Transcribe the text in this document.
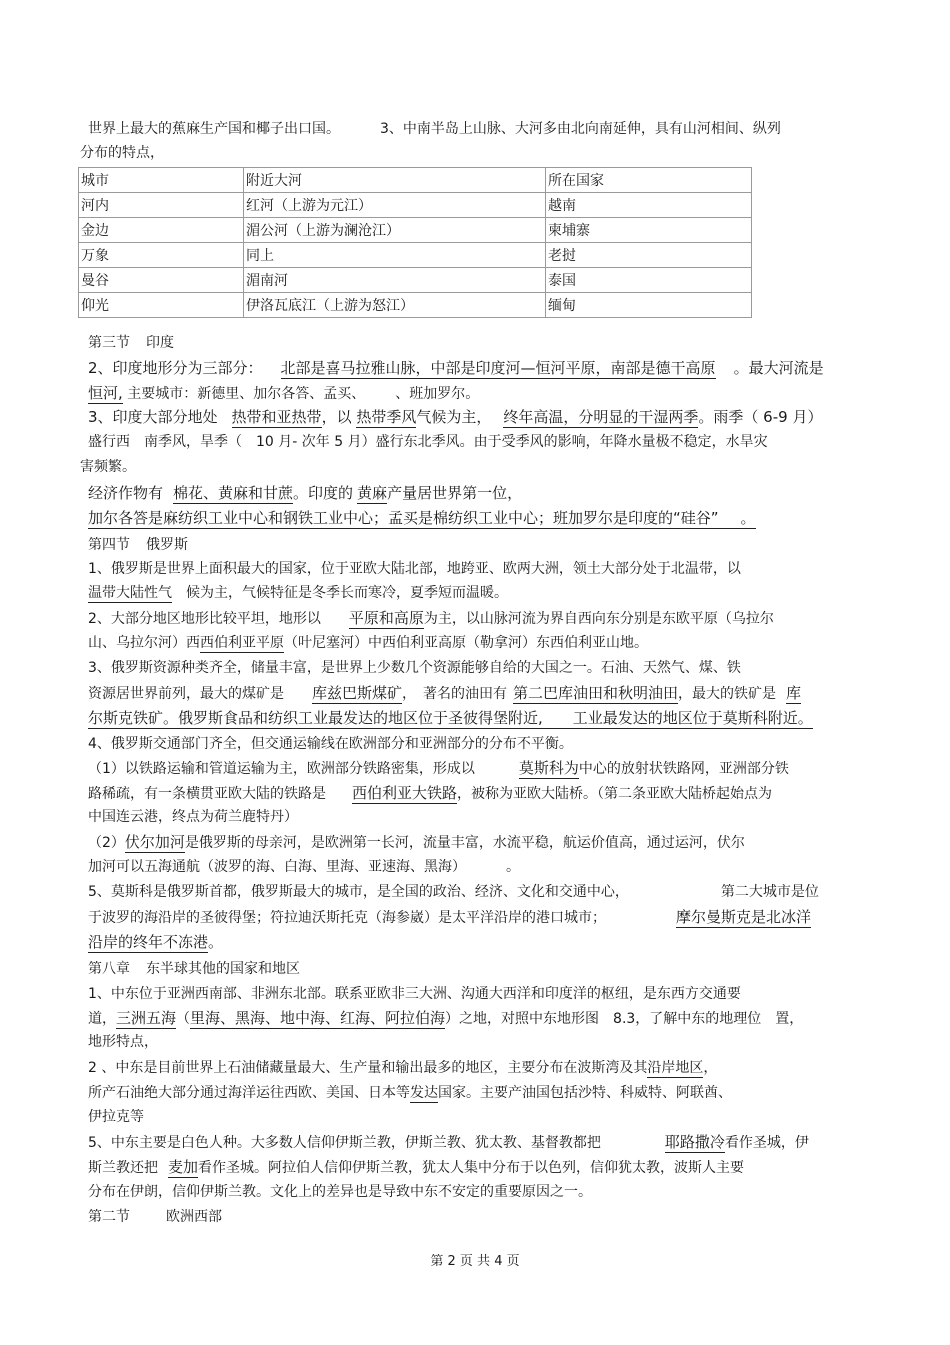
世界上最大的蕉麻生产国和椰子出口国。	3、中南半岛上山脉、大河多由北向南延伸，具有山河相间、纵列
分布的特点，
城市	附近大河	所在国家
河内	红河（上游为元江）	越南
金边	湄公河（上游为澜沧江）	柬埔寨
万象	同上	老挝
曼谷	湄南河	泰国
仰光	伊洛瓦底江（上游为怒江）	缅甸
第三节 印度
2、印度地形分为三部分： 北部是喜马拉雅山脉，中部是印度河—恒河平原，南部是德干高原 。最大河流是
恒河, 主要城市：新德里、加尔各答、孟买、 、班加罗尔。
3、印度大部分地处 热带和亚热带，以 热带季风气候为主， 终年高温，分明显的干湿两季。雨季（ 6-9 月）
盛行西　南季风，旱季（　10 月- 次年 5 月）盛行东北季风。由于受季风的影响，年降水量极不稳定，水旱灾
害频繁。
经济作物有 棉花、黄麻和甘蔗。印度的 黄麻产量居世界第一位，
加尔各答是麻纺织工业中心和钢铁工业中心；孟买是棉纺织工业中心；班加罗尔是印度的“硅谷” 。
第四节 俄罗斯
1、俄罗斯是世界上面积最大的国家，位于亚欧大陆北部，地跨亚、欧两大洲，领土大部分处于北温带，以
温带大陆性气 候为主，气候特征是冬季长而寒冷，夏季短而温暖。
2、大部分地区地形比较平坦，地形以 平原和高原为主，以山脉河流为界自西向东分别是东欧平原（乌拉尔
山、乌拉尔河）西西伯利亚平原（叶尼塞河）中西伯利亚高原（勒拿河）东西伯利亚山地。
3、俄罗斯资源种类齐全，储量丰富，是世界上少数几个资源能够自给的大国之一。石油、天然气、煤、铁
资源居世界前列，最大的煤矿是 库兹巴斯煤矿，　著名的油田有 第二巴库油田和秋明油田，最大的铁矿是 库
尔斯克铁矿。俄罗斯食品和纺织工业最发达的地区位于圣彼得堡附近,　　工业最发达的地区位于莫斯科附近。
4、俄罗斯交通部门齐全，但交通运输线在欧洲部分和亚洲部分的分布不平衡。
（1）以铁路运输和管道运输为主，欧洲部分铁路密集，形成以	莫斯科为中心的放射状铁路网，亚洲部分铁
路稀疏，有一条横贯亚欧大陆的铁路是 西伯利亚大铁路，被称为亚欧大陆桥。（第二条亚欧大陆桥起始点为
中国连云港，终点为荷兰鹿特丹）
（2）伏尔加河是俄罗斯的母亲河，是欧洲第一长河，流量丰富，水流平稳，航运价值高，通过运河，伏尔
加河可以五海通航（波罗的海、白海、里海、亚速海、黑海）	。
5、莫斯科是俄罗斯首都，俄罗斯最大的城市，是全国的政治、经济、文化和交通中心，	第二大城市是位
于波罗的海沿岸的圣彼得堡；符拉迪沃斯托克（海参崴）是太平洋沿岸的港口城市；	摩尔曼斯克是北冰洋
沿岸的终年不冻港。
第八章 东半球其他的国家和地区
1、中东位于亚洲西南部、非洲东北部。联系亚欧非三大洲、沟通大西洋和印度洋的枢纽，是东西方交通要
道，三洲五海（里海、黑海、地中海、红海、阿拉伯海）之地，对照中东地形图　8.3，了解中东的地理位　置，
地形特点，
2 、中东是目前世界上石油储藏量最大、生产量和输出最多的地区，主要分布在波斯湾及其沿岸地区，
所产石油绝大部分通过海洋运往西欧、美国、日本等发达国家。主要产油国包括沙特、科威特、阿联酋、
伊拉克等
5、中东主要是白色人种。大多数人信仰伊斯兰教，伊斯兰教、犹太教、基督教都把	耶路撒冷看作圣城，伊
斯兰教还把 麦加看作圣城。阿拉伯人信仰伊斯兰教，犹太人集中分布于以色列，信仰犹太教，波斯人主要
分布在伊朗，信仰伊斯兰教。文化上的差异也是导致中东不安定的重要原因之一。
第二节	欧洲西部
第 2 页 共 4 页
